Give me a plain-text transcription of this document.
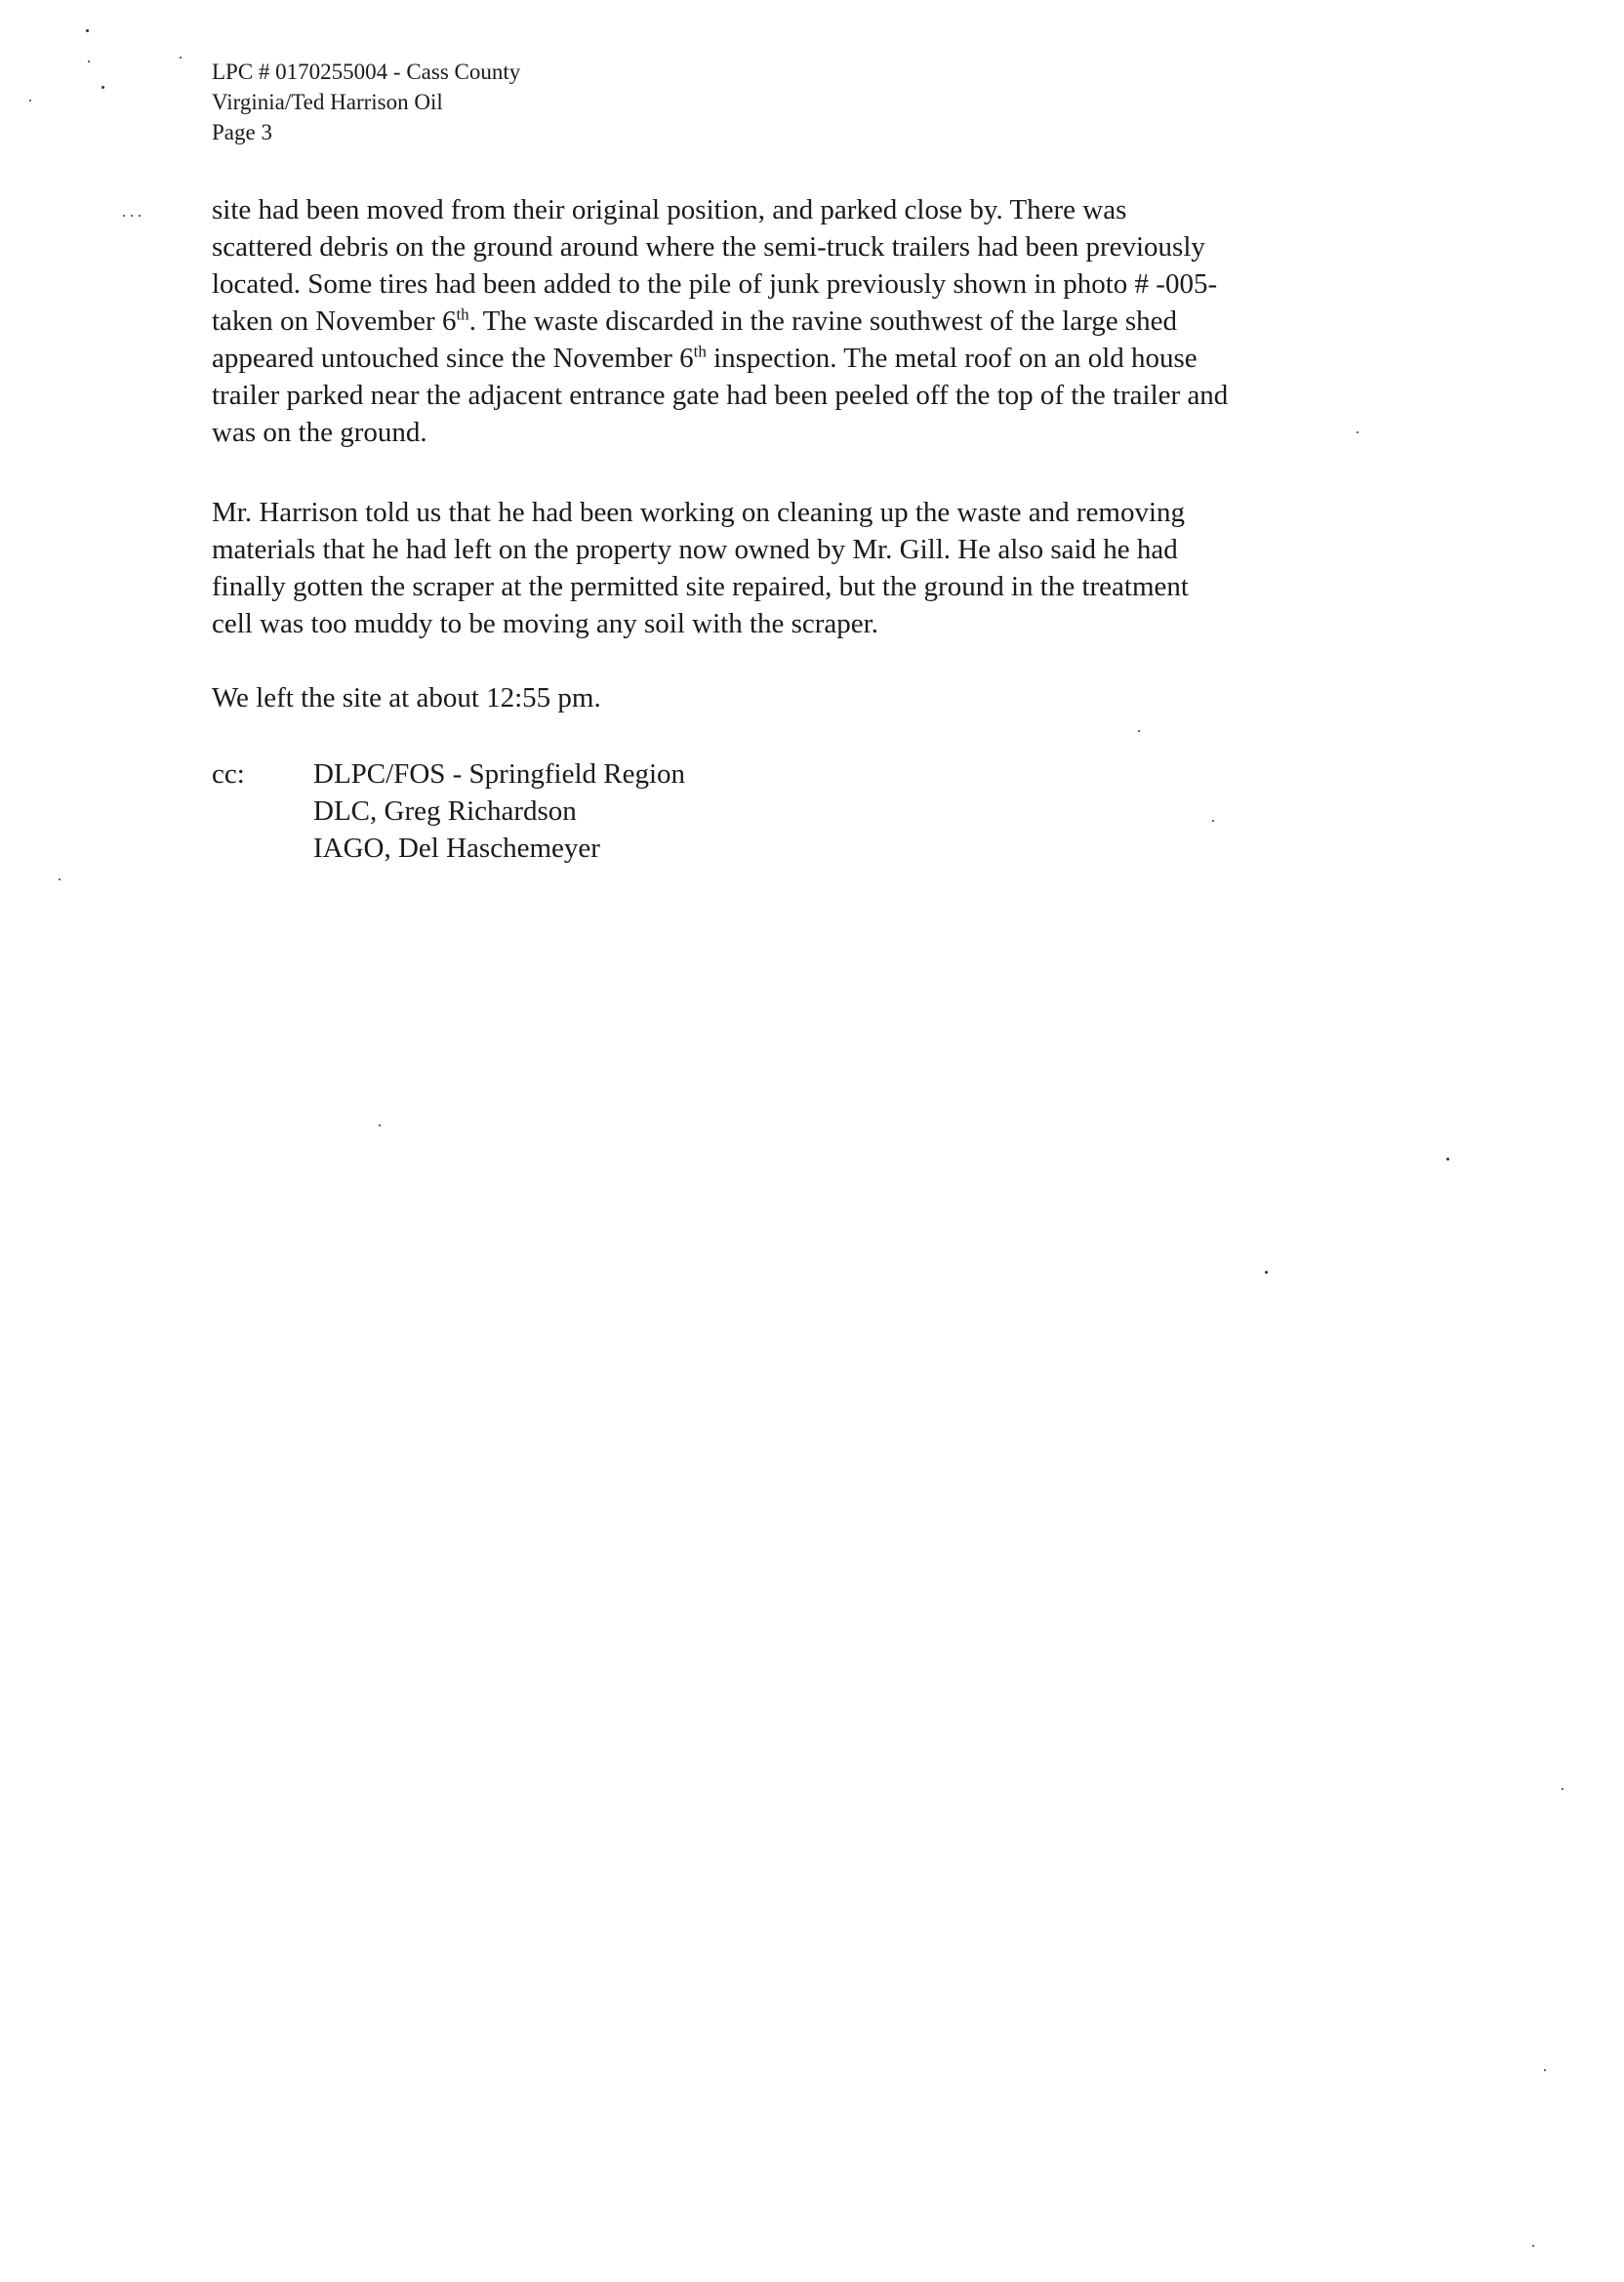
LPC # 0170255004 - Cass County
Virginia/Ted Harrison Oil
Page 3
site had been moved from their original position, and parked close by. There was
scattered debris on the ground around where the semi-truck trailers had been previously
located. Some tires had been added to the pile of junk previously shown in photo # -005-
taken on November 6th. The waste discarded in the ravine southwest of the large shed
appeared untouched since the November 6th inspection. The metal roof on an old house
trailer parked near the adjacent entrance gate had been peeled off the top of the trailer and
was on the ground.
Mr. Harrison told us that he had been working on cleaning up the waste and removing
materials that he had left on the property now owned by Mr. Gill. He also said he had
finally gotten the scraper at the permitted site repaired, but the ground in the treatment
cell was too muddy to be moving any soil with the scraper.
We left the site at about 12:55 pm.
cc: DLPC/FOS - Springfield Region
DLC, Greg Richardson
IAGO, Del Haschemeyer
